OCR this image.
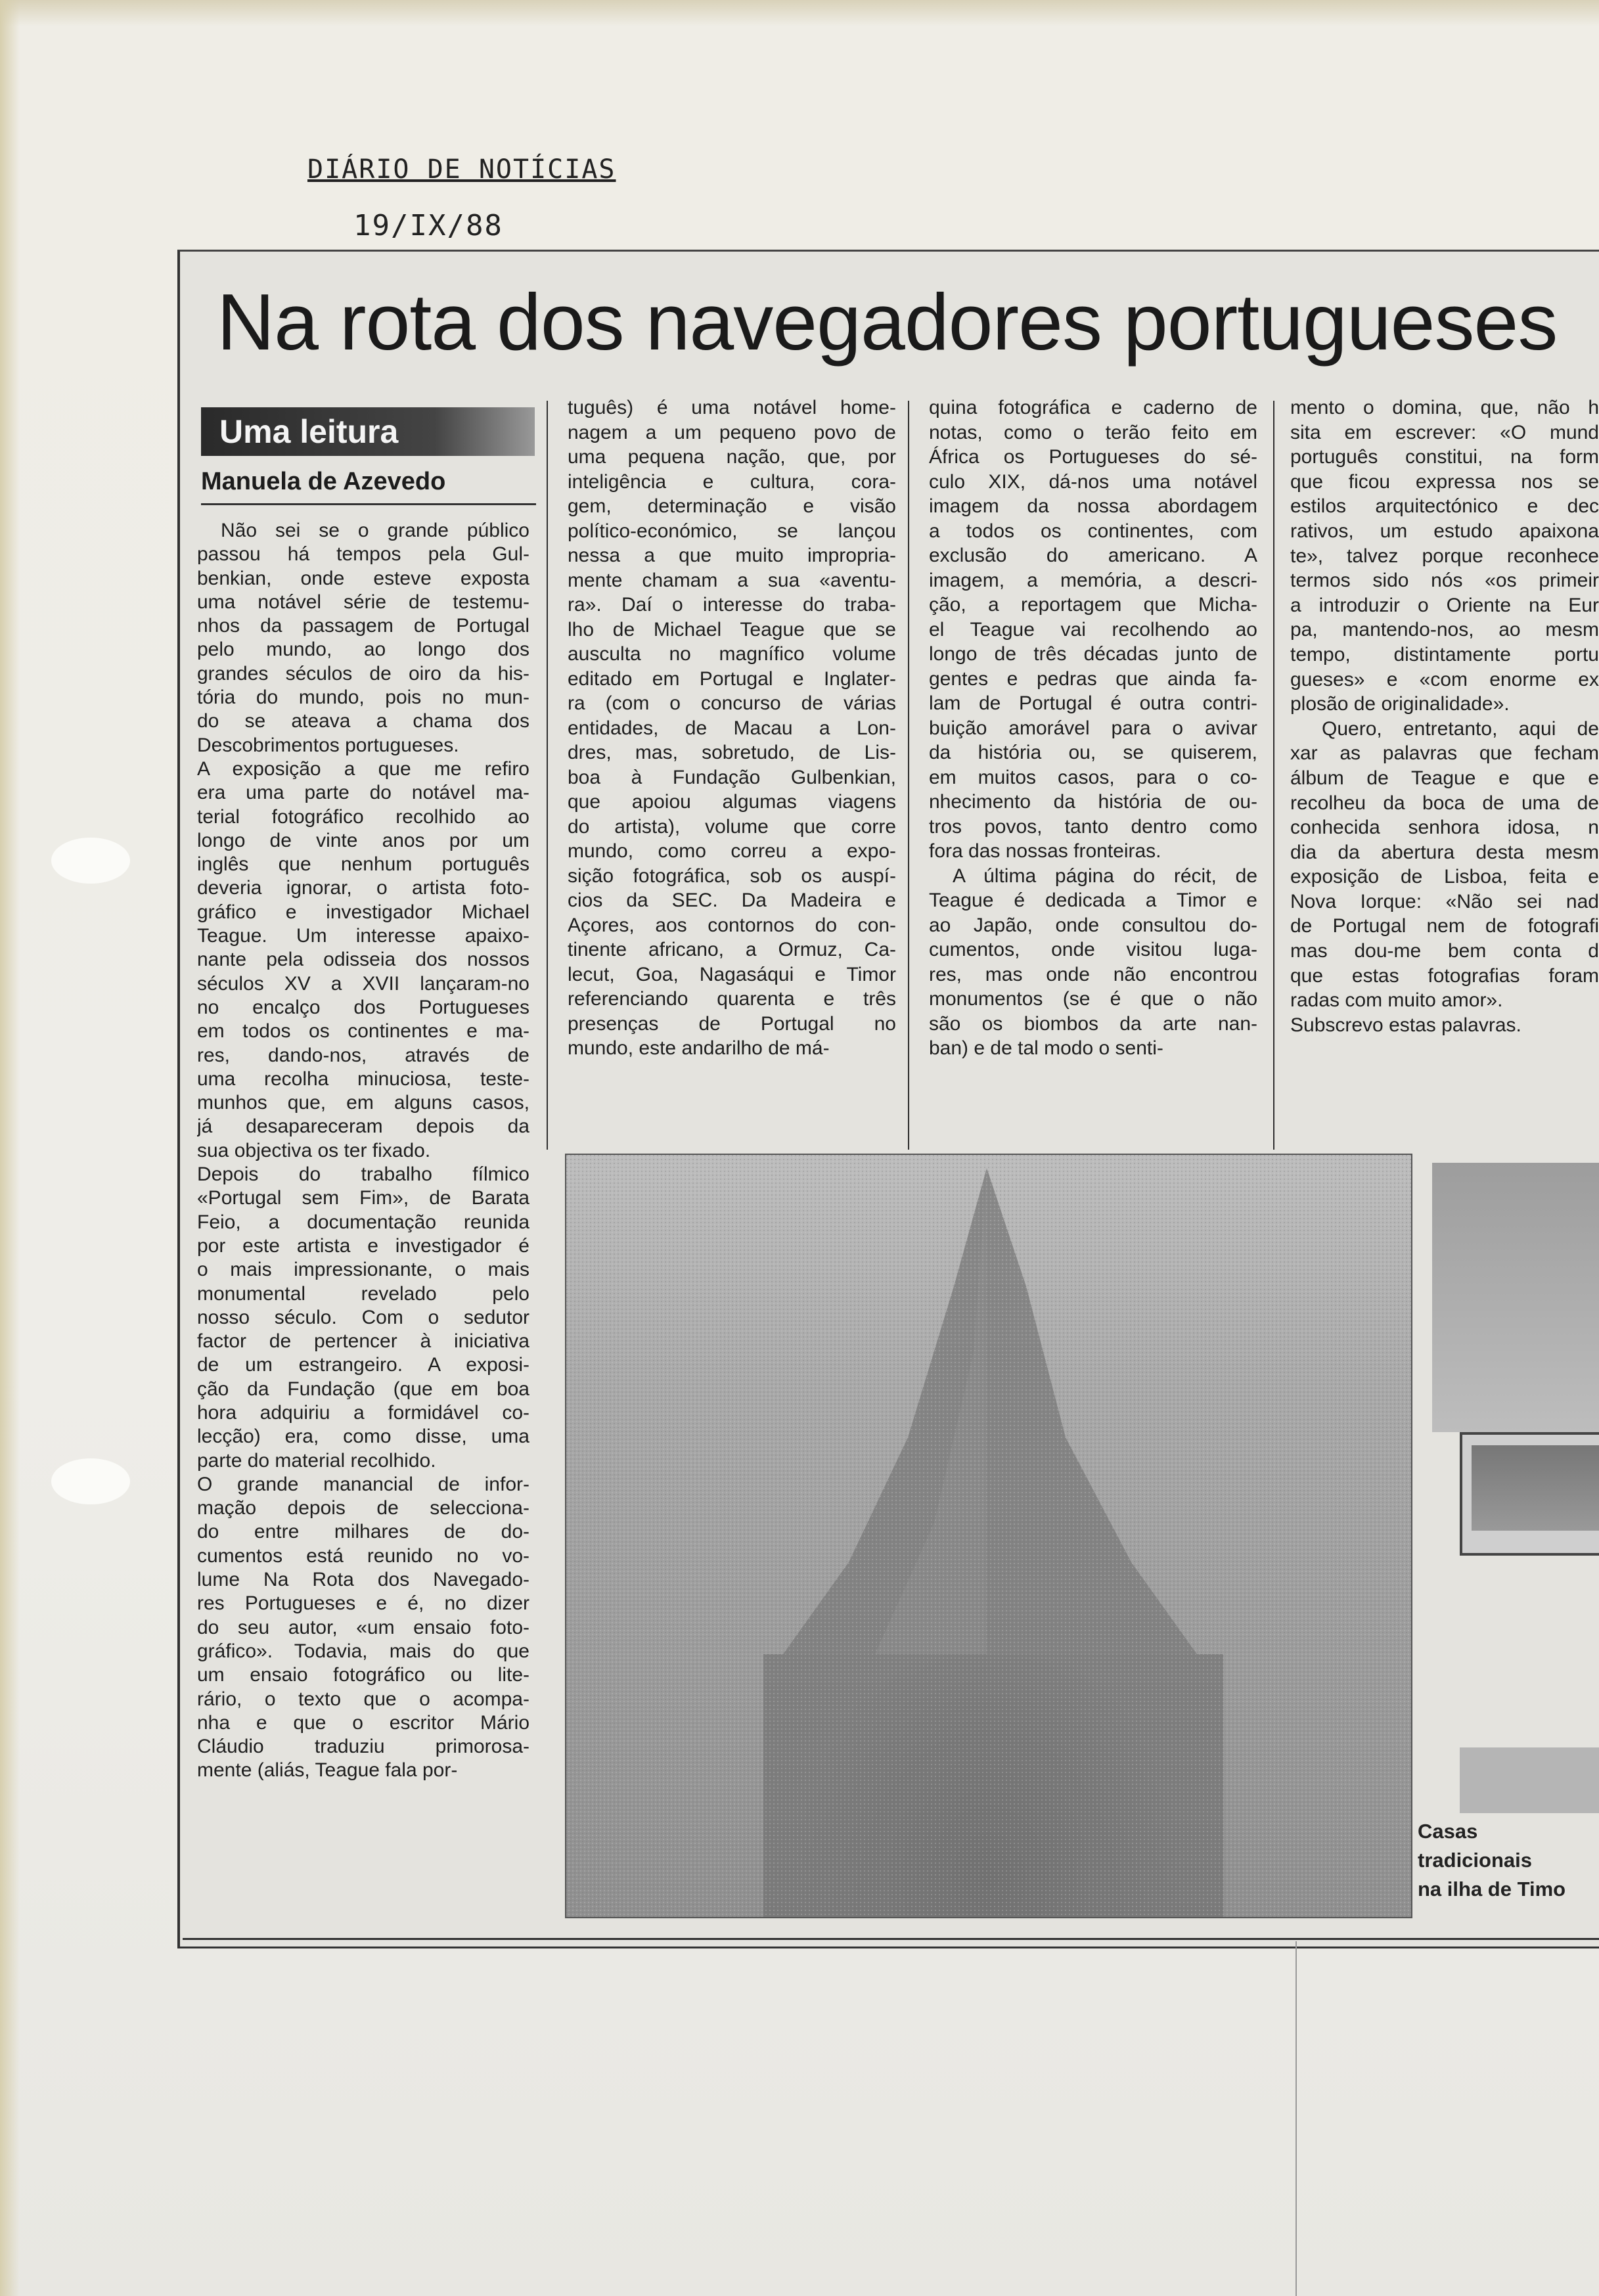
DIÁRIO DE NOTÍCIAS
19/IX/88
Na rota dos navegadores portugueses
Uma leitura
Manuela de Azevedo
Não sei se o grande público
passou há tempos pela Gul-
benkian, onde esteve exposta
uma notável série de testemu-
nhos da passagem de Portugal
pelo mundo, ao longo dos
grandes séculos de oiro da his-
tória do mundo, pois no mun-
do se ateava a chama dos
Descobrimentos portugueses.
A exposição a que me refiro
era uma parte do notável ma-
terial fotográfico recolhido ao
longo de vinte anos por um
inglês que nenhum português
deveria ignorar, o artista foto-
gráfico e investigador Michael
Teague. Um interesse apaixo-
nante pela odisseia dos nossos
séculos XV a XVII lançaram-no
no encalço dos Portugueses
em todos os continentes e ma-
res, dando-nos, através de
uma recolha minuciosa, teste-
munhos que, em alguns casos,
já desapareceram depois da
sua objectiva os ter fixado.
Depois do trabalho fílmico
«Portugal sem Fim», de Barata
Feio, a documentação reunida
por este artista e investigador é
o mais impressionante, o mais
monumental revelado pelo
nosso século. Com o sedutor
factor de pertencer à iniciativa
de um estrangeiro. A exposi-
ção da Fundação (que em boa
hora adquiriu a formidável co-
lecção) era, como disse, uma
parte do material recolhido.
O grande manancial de infor-
mação depois de seleccionа-
do entre milhares de do-
cumentos está reunido no vo-
lume Na Rota dos Navegado-
res Portugueses e é, no dizer
do seu autor, «um ensaio foto-
gráfico». Todavia, mais do que
um ensaio fotográfico ou lite-
rário, o texto que o acompa-
nha e que o escritor Mário
Cláudio traduziu primorosa-
mente (aliás, Teague fala por-
tuguês) é uma notável home-
nagem a um pequeno povo de
uma pequena nação, que, por
inteligência e cultura, cora-
gem, determinação e visão
político-económico, se lançou
nessa a que muito impropria-
mente chamam a sua «aventu-
ra». Daí o interesse do traba-
lho de Michael Teague que se
ausculta no magnífico volume
editado em Portugal e Inglater-
ra (com o concurso de várias
entidades, de Macau a Lon-
dres, mas, sobretudo, de Lis-
boa à Fundação Gulbenkian,
que apoiou algumas viagens
do artista), volume que corre
mundo, como correu a expo-
sição fotográfica, sob os auspí-
cios da SEC. Da Madeira e
Açores, aos contornos do con-
tinente africano, a Ormuz, Ca-
lecut, Goa, Nagasáqui e Timor
referenciando quarenta e três
presenças de Portugal no
mundo, este andarilho de má-
quina fotográfica e caderno de
notas, como o terão feito em
África os Portugueses do sé-
culo XIX, dá-nos uma notável
imagem da nossa abordagem
a todos os continentes, com
exclusão do americano. A
imagem, a memória, a descri-
ção, a reportagem que Micha-
el Teague vai recolhendo ao
longo de três décadas junto de
gentes e pedras que ainda fa-
lam de Portugal é outra contri-
buição amorável para o avivar
da história ou, se quiserem,
em muitos casos, para o co-
nhecimento da história de ou-
tros povos, tanto dentro como
fora das nossas fronteiras.
A última página do récit, de
Teague é dedicada a Timor e
ao Japão, onde consultou do-
cumentos, onde visitou luga-
res, mas onde não encontrou
monumentos (se é que o não
são os biombos da arte nan-
ban) e de tal modo o senti-
mento o domina, que, não h
sita em escrever: «O mund
português constitui, na form
que ficou expressa nos se
estilos arquitectónico e dec
rativos, um estudo apaixona
te», talvez porque reconhece
termos sido nós «os primeir
a introduzir o Oriente na Eur
pa, mantendo-nos, ao mesm
tempo, distintamente portu
gueses» e «com enorme ex
plosão de originalidade».
Quero, entretanto, aqui de
xar as palavras que fecham
álbum de Teague e que e
recolheu da boca de uma de
conhecida senhora idosa, n
dia da abertura desta mesm
exposição de Lisboa, feita e
Nova Iorque: «Não sei nad
de Portugal nem de fotografi
mas dou-me bem conta d
que estas fotografias foram
radas com muito amor».
Subscrevo estas palavras.
Casas
tradicionais
na ilha de Timo
